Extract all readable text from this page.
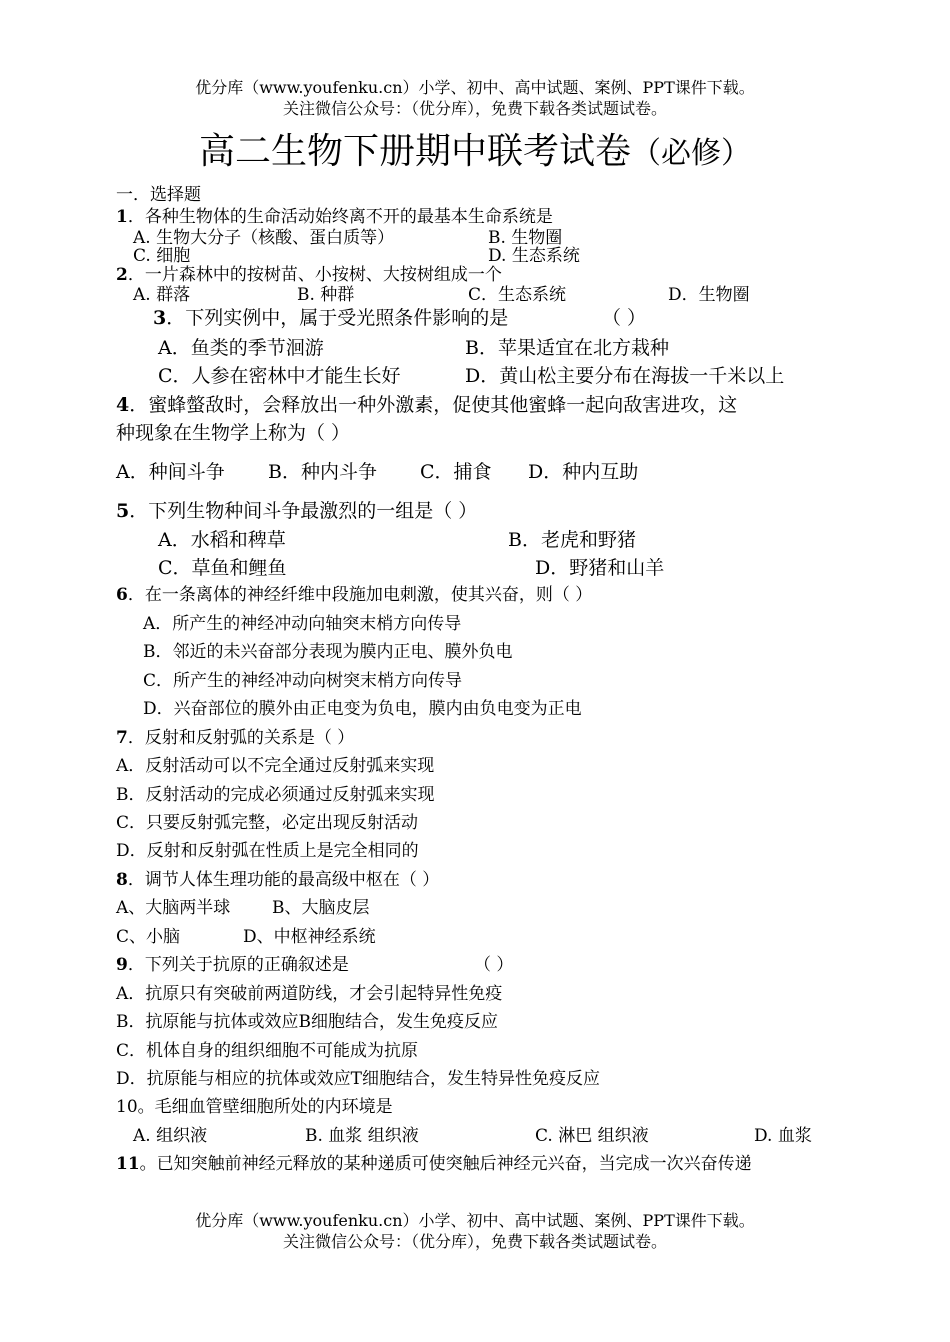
优分库（www.youfenku.cn）小学、初中、高中试题、案例、PPT课件下载。
关注微信公众号：（优分库），免费下载各类试题试卷。
高二生物下册期中联考试卷（必修）
一．选择题
1．各种生物体的生命活动始终离不开的最基本生命系统是
A. 生物大分子（核酸、蛋白质等）	B. 生物圈
C. 细胞	D. 生态系统
2．一片森林中的按树苗、小按树、大按树组成一个
A. 群落	B. 种群	C．生态系统	D．生物圈
3．下列实例中，属于受光照条件影响的是	（ ）
A．鱼类的季节洄游	B．苹果适宜在北方栽种
C．人参在密林中才能生长好	D．黄山松主要分布在海拔一千米以上
4．蜜蜂螫敌时，会释放出一种外激素，促使其他蜜蜂一起向敌害进攻，这
种现象在生物学上称为（ ）
A．种间斗争 B．种内斗争 C．捕食 D．种内互助
5．下列生物种间斗争最激烈的一组是（ ）
A．水稻和稗草	B．老虎和野猪
C．草鱼和鲤鱼	D．野猪和山羊
6．在一条离体的神经纤维中段施加电刺激，使其兴奋，则（ ）
A．所产生的神经冲动向轴突末梢方向传导
B．邻近的未兴奋部分表现为膜内正电、膜外负电
C．所产生的神经冲动向树突末梢方向传导
D．兴奋部位的膜外由正电变为负电，膜内由负电变为正电
7．反射和反射弧的关系是（ ）
A．反射活动可以不完全通过反射弧来实现
B．反射活动的完成必须通过反射弧来实现
C．只要反射弧完整，必定出现反射活动
D．反射和反射弧在性质上是完全相同的
8．调节人体生理功能的最高级中枢在（ ）
A、大脑两半球 B、大脑皮层
C、小脑	D、中枢神经系统
9．下列关于抗原的正确叙述是	（ ）
A．抗原只有突破前两道防线，才会引起特异性免疫
B．抗原能与抗体或效应B细胞结合，发生免疫反应
C．机体自身的组织细胞不可能成为抗原
D．抗原能与相应的抗体或效应T细胞结合，发生特异性免疫反应
10。毛细血管壁细胞所处的内环境是
A. 组织液	B. 血浆 组织液	C. 淋巴 组织液	D. 血浆
11。已知突触前神经元释放的某种递质可使突触后神经元兴奋，当完成一次兴奋传递
优分库（www.youfenku.cn）小学、初中、高中试题、案例、PPT课件下载。
关注微信公众号：（优分库），免费下载各类试题试卷。
